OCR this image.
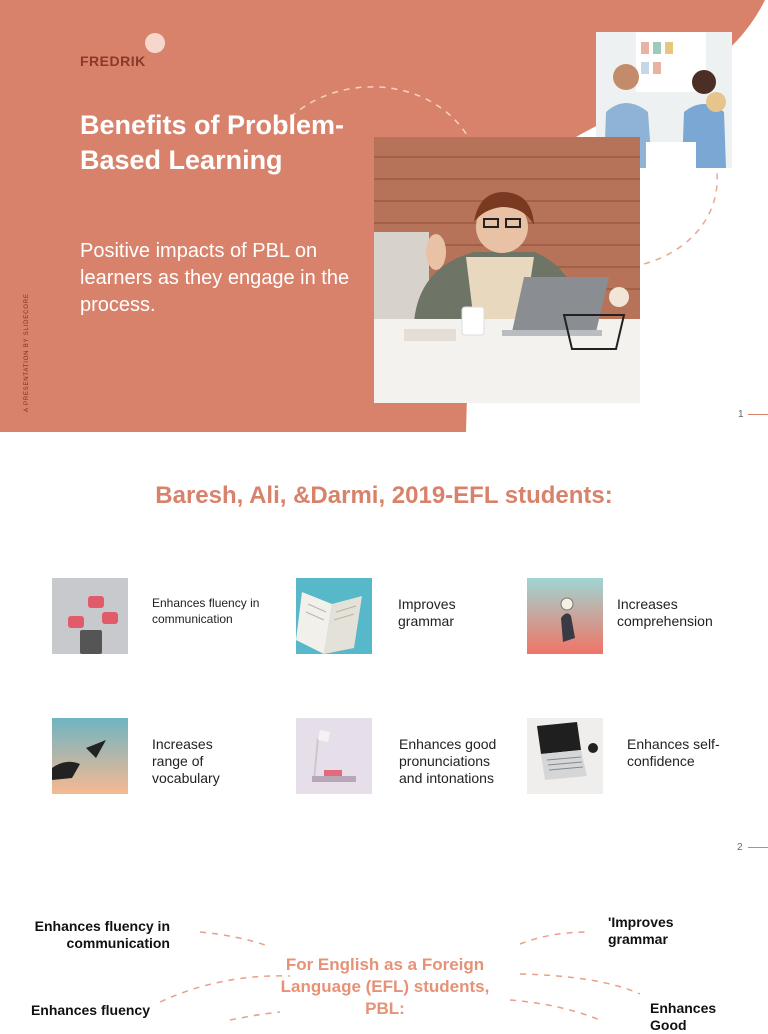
FREDRIK
Benefits of Problem-Based Learning

Positive impacts of PBL on learners as they engage in the process.

A PRESENTATION BY SLIDECORE
1
Baresh, Ali, &Darmi, 2019-EFL students:
Enhances fluency in communication
Improves grammar
Increases comprehension
Increases range of vocabulary
Enhances good pronunciations and intonations
Enhances self-confidence
2
Enhances fluency in communication
Enhances fluency
'Improves grammar
Enhances Good

For English as a Foreign Language (EFL) students, PBL:
